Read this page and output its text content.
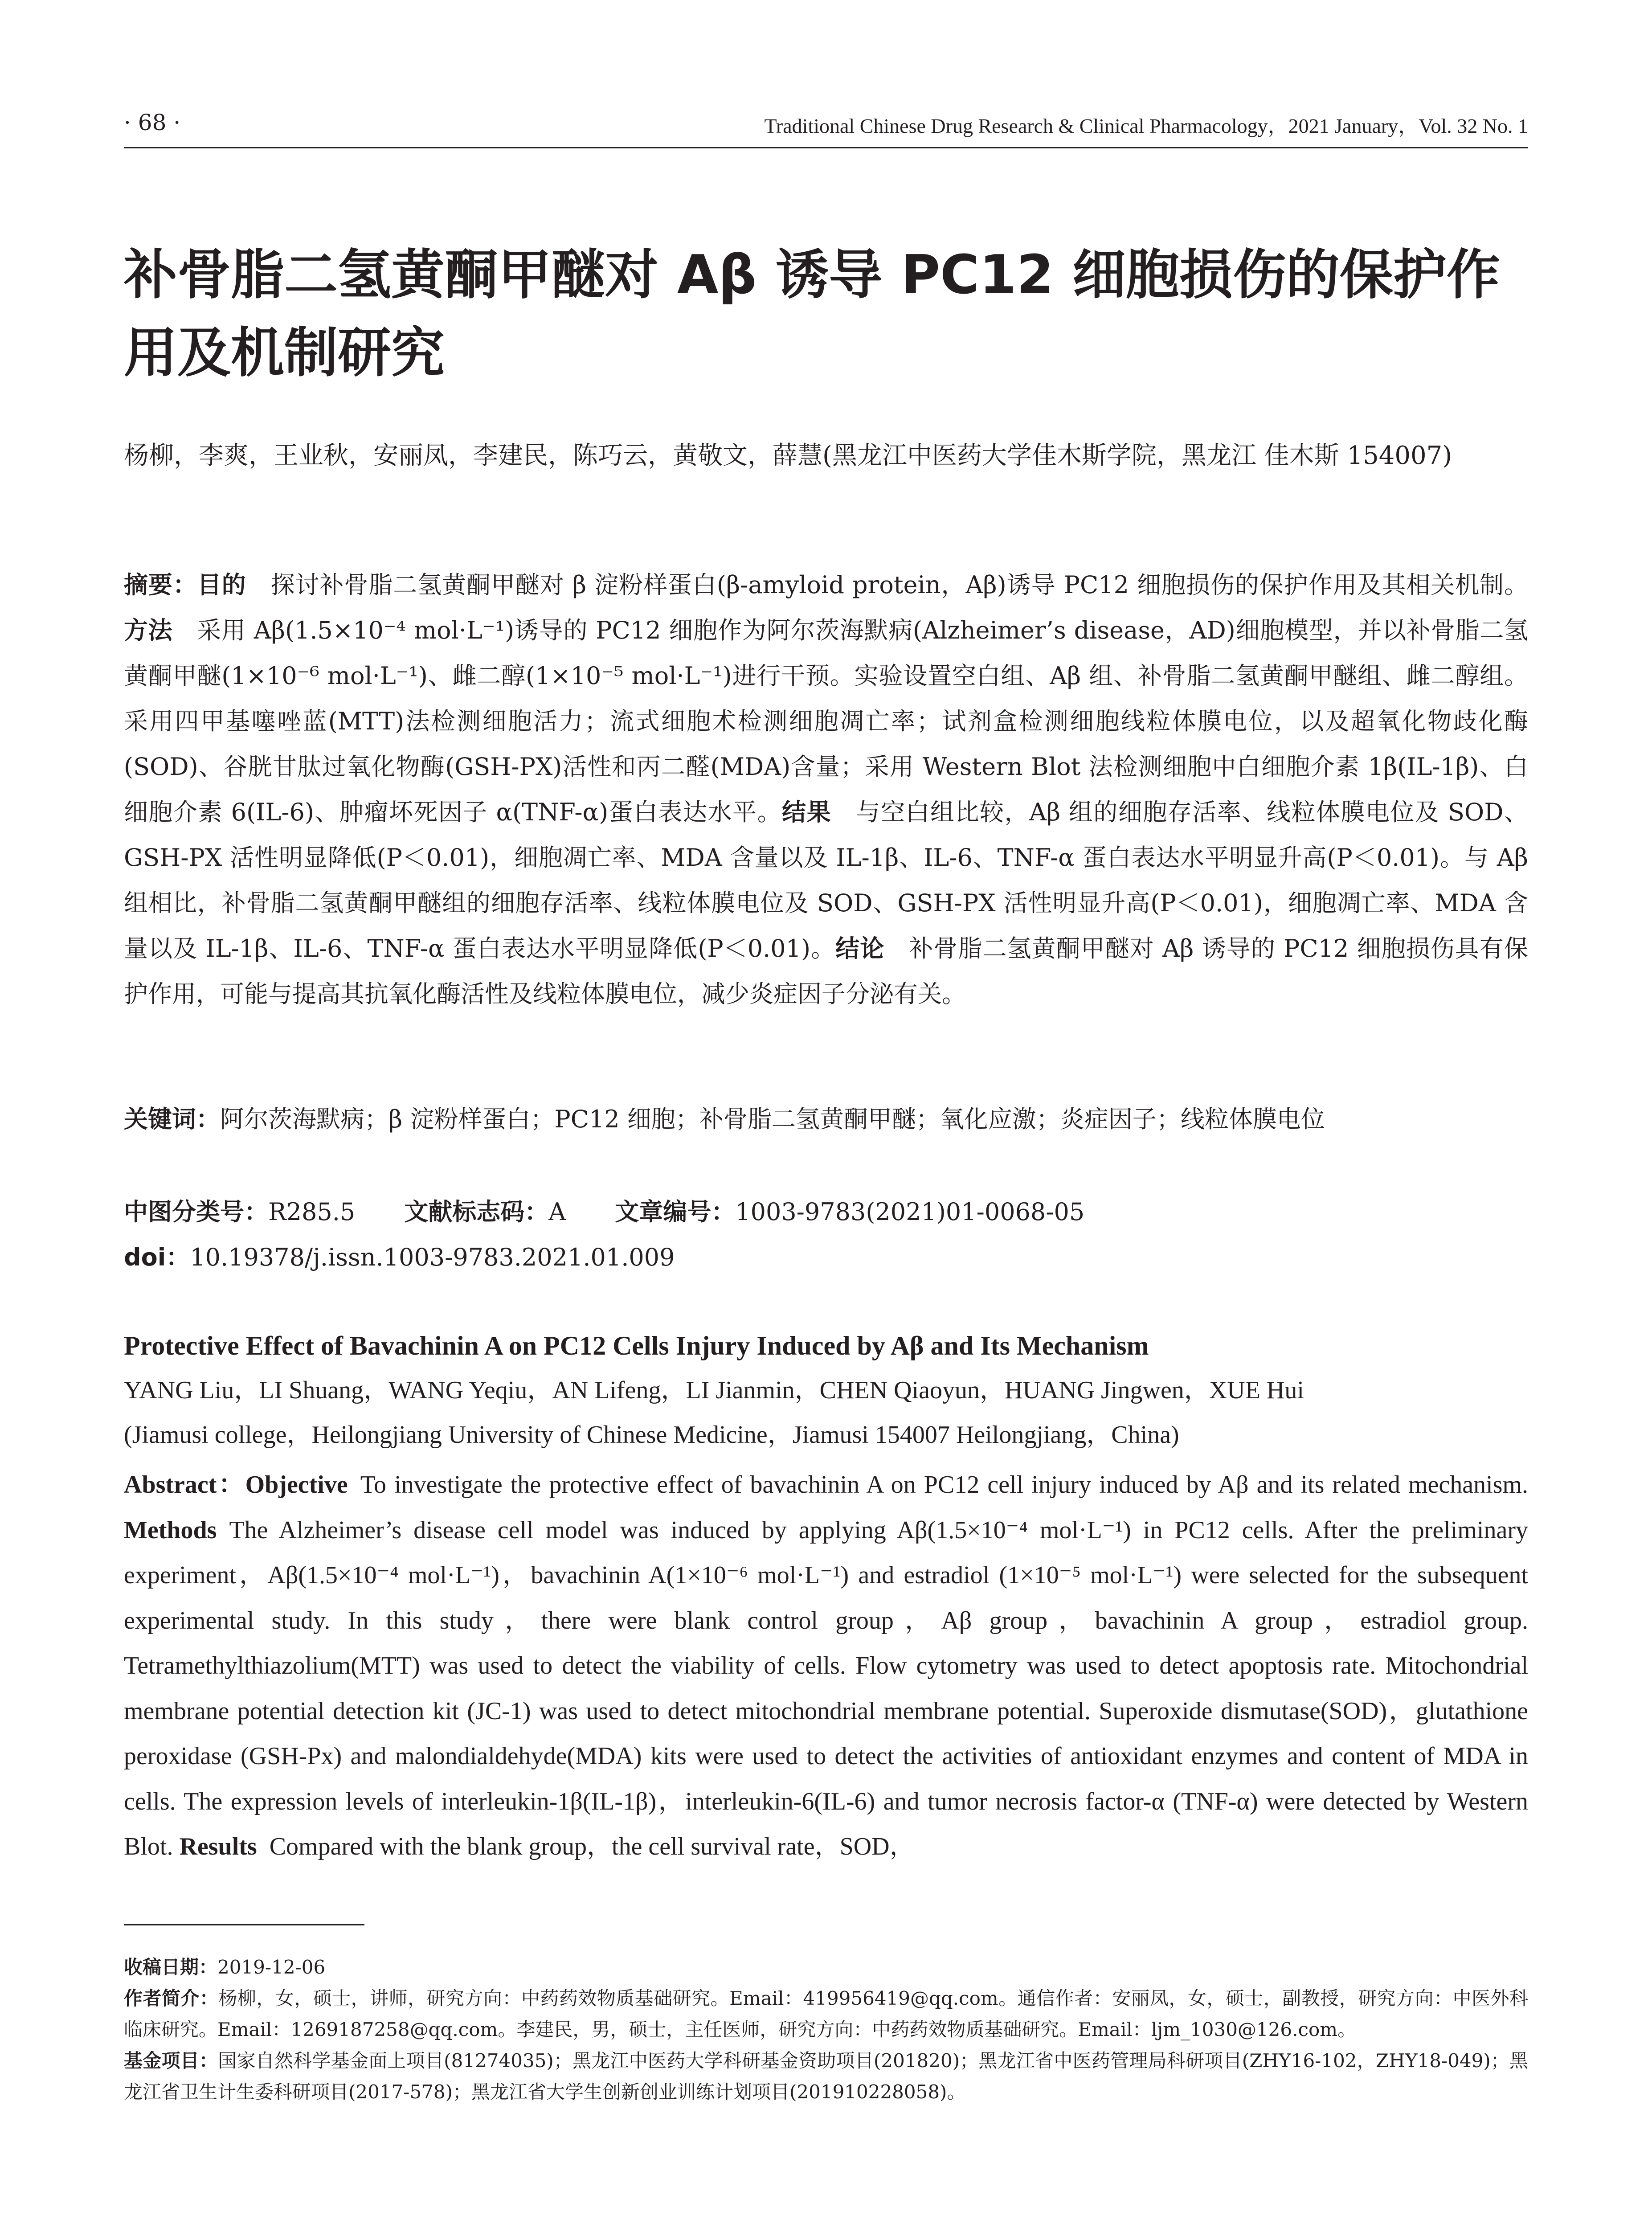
· 68 ·	Traditional Chinese Drug Research & Clinical Pharmacology，2021 January，Vol. 32 No. 1
补骨脂二氢黄酮甲醚对 Aβ 诱导 PC12 细胞损伤的保护作用及机制研究
杨柳，李爽，王业秋，安丽凤，李建民，陈巧云，黄敬文，薛慧(黑龙江中医药大学佳木斯学院，黑龙江 佳木斯 154007)
摘要：目的  探讨补骨脂二氢黄酮甲醚对 β 淀粉样蛋白(β-amyloid protein，Aβ)诱导 PC12 细胞损伤的保护作用及其相关机制。方法  采用 Aβ(1.5×10⁻⁴ mol·L⁻¹)诱导的 PC12 细胞作为阿尔茨海默病(Alzheimer’s disease，AD)细胞模型，并以补骨脂二氢黄酮甲醚(1×10⁻⁶ mol·L⁻¹)、雌二醇(1×10⁻⁵ mol·L⁻¹)进行干预。实验设置空白组、Aβ 组、补骨脂二氢黄酮甲醚组、雌二醇组。采用四甲基噻唑蓝(MTT)法检测细胞活力；流式细胞术检测细胞凋亡率；试剂盒检测细胞线粒体膜电位，以及超氧化物歧化酶(SOD)、谷胱甘肽过氧化物酶(GSH-PX)活性和丙二醛(MDA)含量；采用 Western Blot 法检测细胞中白细胞介素 1β(IL-1β)、白细胞介素 6(IL-6)、肿瘤坏死因子 α(TNF-α)蛋白表达水平。结果  与空白组比较，Aβ 组的细胞存活率、线粒体膜电位及 SOD、GSH-PX 活性明显降低(P＜0.01)，细胞凋亡率、MDA 含量以及 IL-1β、IL-6、TNF-α 蛋白表达水平明显升高(P＜0.01)。与 Aβ 组相比，补骨脂二氢黄酮甲醚组的细胞存活率、线粒体膜电位及 SOD、GSH-PX 活性明显升高(P＜0.01)，细胞凋亡率、MDA 含量以及 IL-1β、IL-6、TNF-α 蛋白表达水平明显降低(P＜0.01)。结论  补骨脂二氢黄酮甲醚对 Aβ 诱导的 PC12 细胞损伤具有保护作用，可能与提高其抗氧化酶活性及线粒体膜电位，减少炎症因子分泌有关。
关键词：阿尔茨海默病；β 淀粉样蛋白；PC12 细胞；补骨脂二氢黄酮甲醚；氧化应激；炎症因子；线粒体膜电位
中图分类号：R285.5 文献标志码：A 文章编号：1003-9783(2021)01-0068-05
doi：10.19378/j.issn.1003-9783.2021.01.009
Protective Effect of Bavachinin A on PC12 Cells Injury Induced by Aβ and Its Mechanism
YANG Liu，LI Shuang，WANG Yeqiu，AN Lifeng，LI Jianmin，CHEN Qiaoyun，HUANG Jingwen，XUE Hui
(Jiamusi college，Heilongjiang University of Chinese Medicine，Jiamusi 154007 Heilongjiang，China)
Abstract：Objective  To investigate the protective effect of bavachinin A on PC12 cell injury induced by Aβ and its related mechanism. Methods  The Alzheimer’s disease cell model was induced by applying Aβ(1.5×10⁻⁴ mol·L⁻¹) in PC12 cells. After the preliminary experiment，Aβ(1.5×10⁻⁴ mol·L⁻¹)，bavachinin A(1×10⁻⁶ mol·L⁻¹) and estradiol (1×10⁻⁵ mol·L⁻¹) were selected for the subsequent experimental study. In this study，there were blank control group，Aβ group，bavachinin A group，estradiol group. Tetramethylthiazolium(MTT) was used to detect the viability of cells. Flow cytometry was used to detect apoptosis rate. Mitochondrial membrane potential detection kit (JC-1) was used to detect mitochondrial membrane potential. Superoxide dismutase(SOD)，glutathione peroxidase (GSH-Px) and malondialdehyde(MDA) kits were used to detect the activities of antioxidant enzymes and content of MDA in cells. The expression levels of interleukin-1β(IL-1β)，interleukin-6(IL-6) and tumor necrosis factor-α (TNF-α) were detected by Western Blot. Results  Compared with the blank group，the cell survival rate，SOD，

收稿日期：2019-12-06

作者简介：杨柳，女，硕士，讲师，研究方向：中药药效物质基础研究。Email：419956419@qq.com。通信作者：安丽凤，女，硕士，副教授，研究方向：中医外科临床研究。Email：1269187258@qq.com。李建民，男，硕士，主任医师，研究方向：中药药效物质基础研究。Email：ljm_1030@126.com。

基金项目：国家自然科学基金面上项目(81274035)；黑龙江中医药大学科研基金资助项目(201820)；黑龙江省中医药管理局科研项目(ZHY16-102，ZHY18-049)；黑龙江省卫生计生委科研项目(2017-578)；黑龙江省大学生创新创业训练计划项目(201910228058)。
